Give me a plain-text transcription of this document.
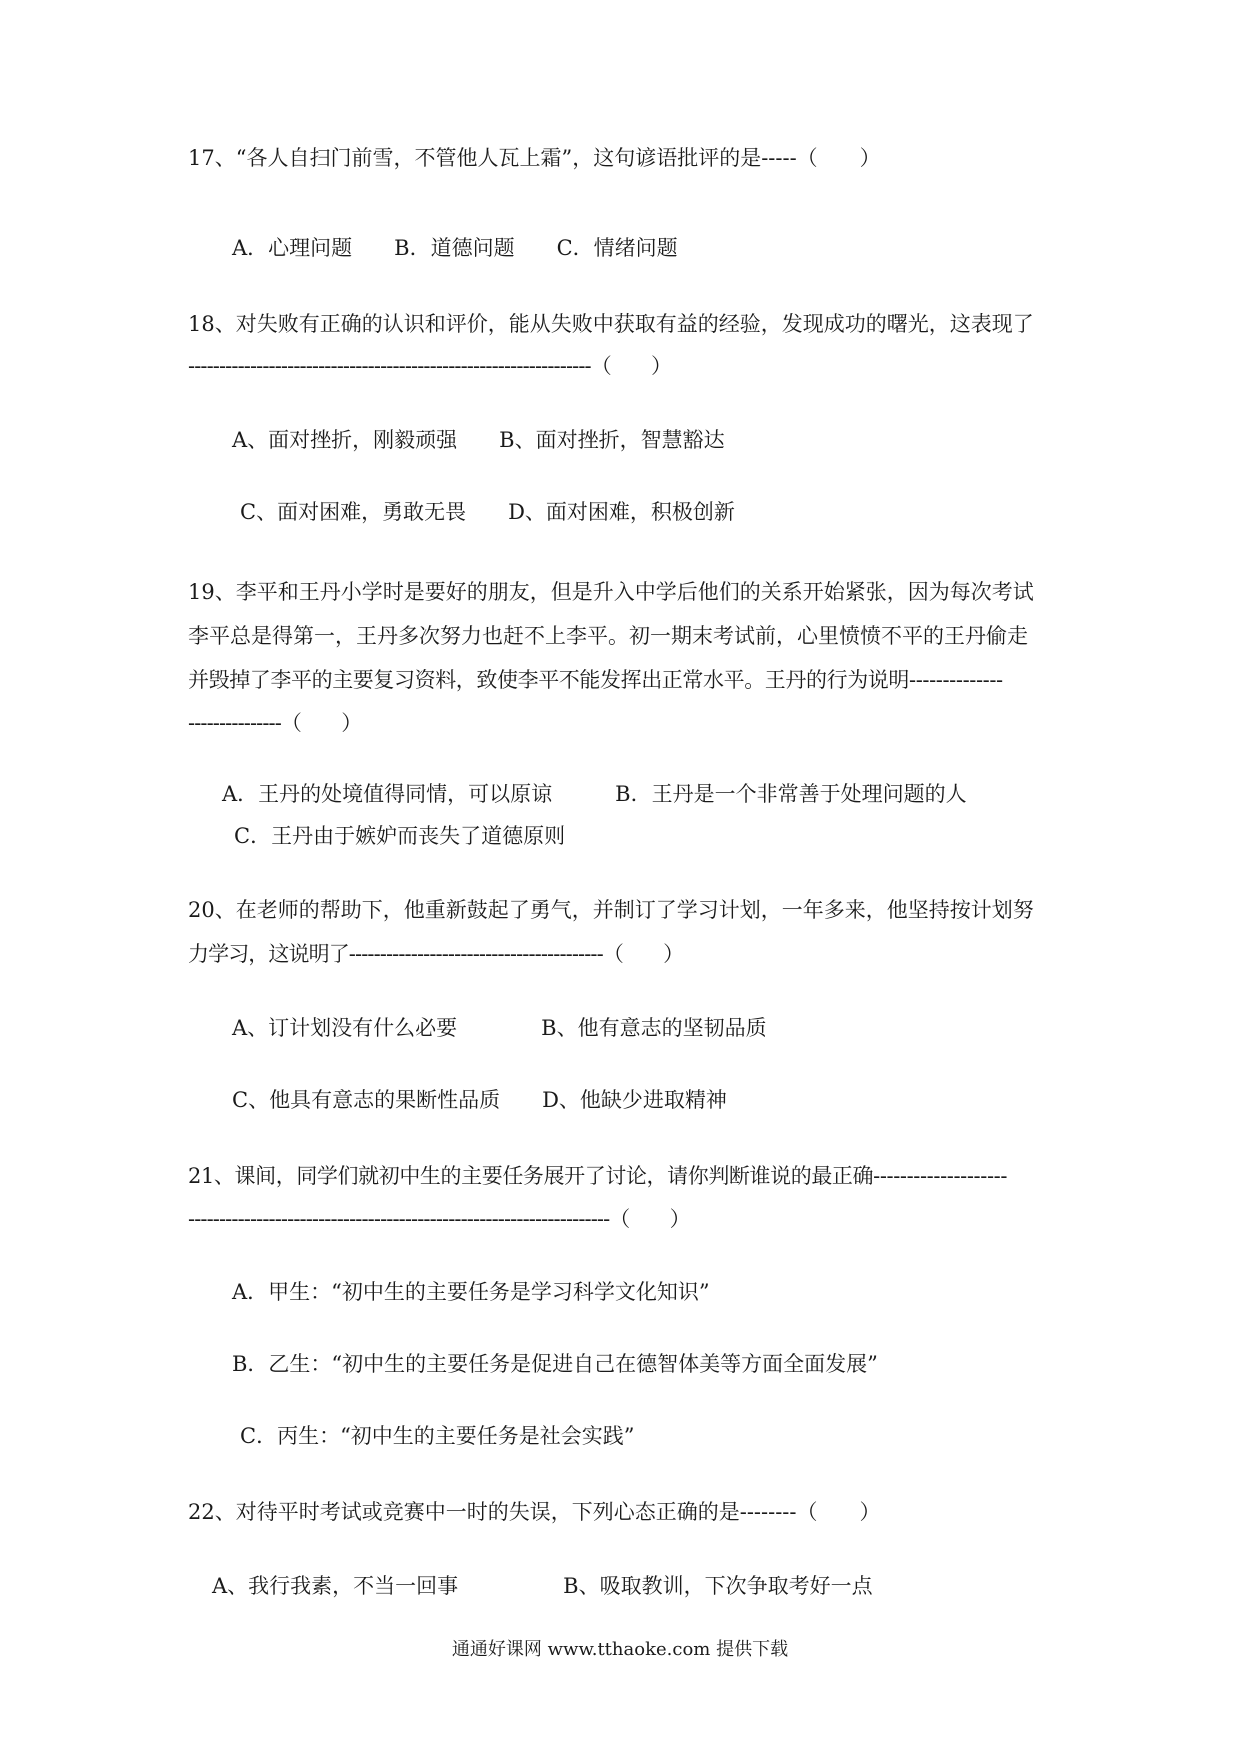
17、“各人自扫门前雪，不管他人瓦上霜”，这句谚语批评的是-----（　　）
A．心理问题　　B．道德问题　　C．情绪问题
18、对失败有正确的认识和评价，能从失败中获取有益的经验，发现成功的曙光，这表现了
-----------------------------------------------------------------（　　）
A、面对挫折，刚毅顽强　　B、面对挫折，智慧豁达
C、面对困难，勇敢无畏　　D、面对困难，积极创新
19、李平和王丹小学时是要好的朋友，但是升入中学后他们的关系开始紧张，因为每次考试
李平总是得第一，王丹多次努力也赶不上李平。初一期末考试前，心里愤愤不平的王丹偷走
并毁掉了李平的主要复习资料，致使李平不能发挥出正常水平。王丹的行为说明--------------
---------------（　　）
A．王丹的处境值得同情，可以原谅　　　B．王丹是一个非常善于处理问题的人
C．王丹由于嫉妒而丧失了道德原则
20、在老师的帮助下，他重新鼓起了勇气，并制订了学习计划，一年多来，他坚持按计划努
力学习，这说明了-----------------------------------------（　　）
A、订计划没有什么必要　　　　B、他有意志的坚韧品质
C、他具有意志的果断性品质　　D、他缺少进取精神
21、课间，同学们就初中生的主要任务展开了讨论，请你判断谁说的最正确--------------------
--------------------------------------------------------------------（　　）
A．甲生：“初中生的主要任务是学习科学文化知识”
B．乙生：“初中生的主要任务是促进自己在德智体美等方面全面发展”
C．丙生：“初中生的主要任务是社会实践”
22、对待平时考试或竞赛中一时的失误，下列心态正确的是--------（　　）
A、我行我素，不当一回事　　　　　B、吸取教训，下次争取考好一点
通通好课网 www.tthaoke.com 提供下载
